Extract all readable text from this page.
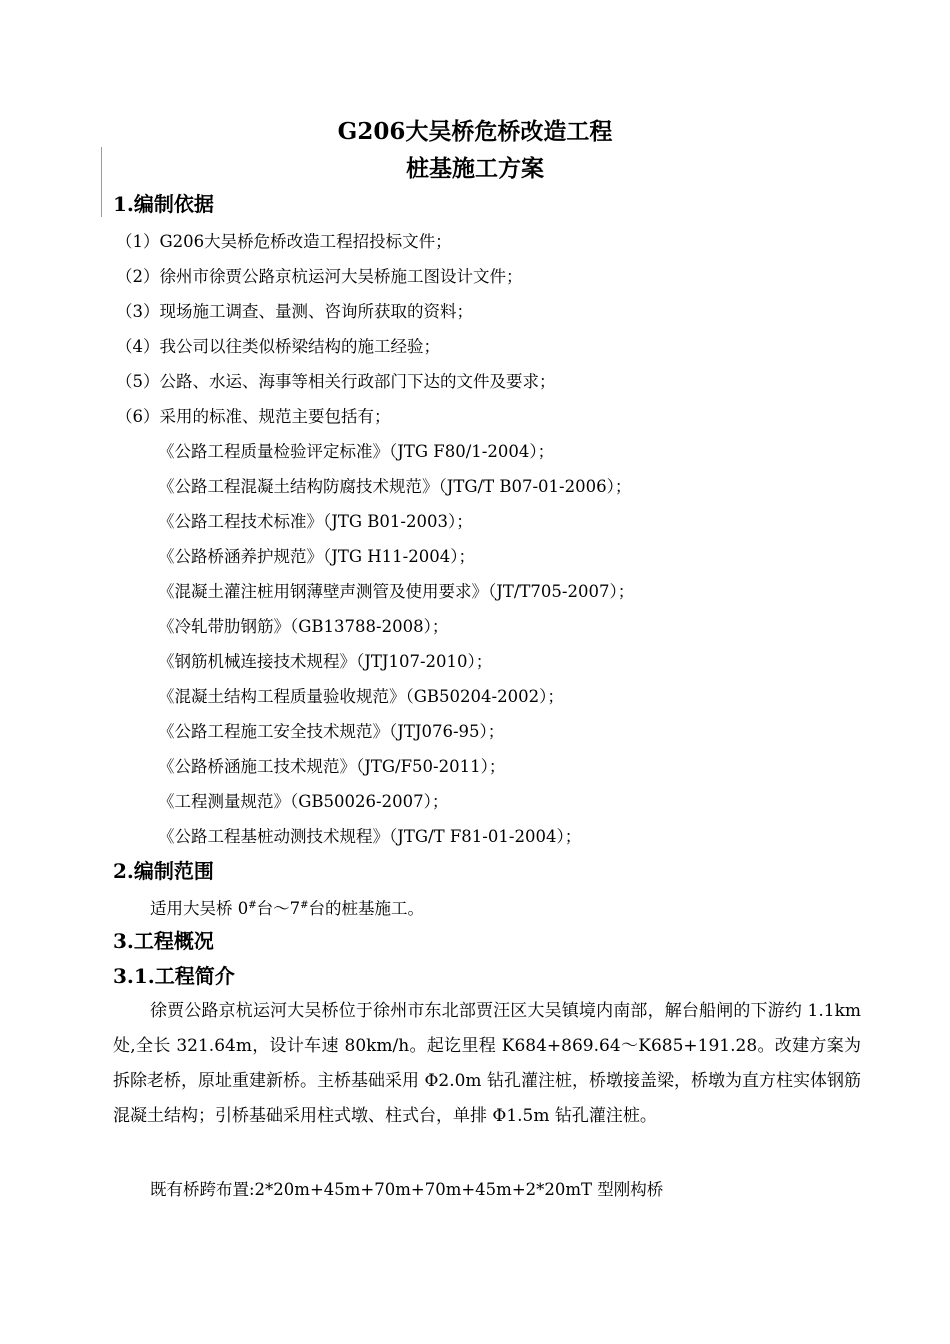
G206大吴桥危桥改造工程
桩基施工方案
1.编制依据
（1）G206大吴桥危桥改造工程招投标文件；
（2）徐州市徐贾公路京杭运河大吴桥施工图设计文件；
（3）现场施工调查、量测、咨询所获取的资料；
（4）我公司以往类似桥梁结构的施工经验；
（5）公路、水运、海事等相关行政部门下达的文件及要求；
（6）采用的标准、规范主要包括有；
《公路工程质量检验评定标准》（JTG F80/1-2004）；
《公路工程混凝土结构防腐技术规范》（JTG/T B07-01-2006）；
《公路工程技术标准》（JTG B01-2003）；
《公路桥涵养护规范》（JTG H11-2004）；
《混凝土灌注桩用钢薄壁声测管及使用要求》（JT/T705-2007）；
《冷轧带肋钢筋》（GB13788-2008）；
《钢筋机械连接技术规程》（JTJ107-2010）；
《混凝土结构工程质量验收规范》（GB50204-2002）；
《公路工程施工安全技术规范》（JTJ076-95）；
《公路桥涵施工技术规范》（JTG/F50-2011）；
《工程测量规范》（GB50026-2007）；
《公路工程基桩动测技术规程》（JTG/T F81-01-2004）；
2.编制范围
适用大吴桥 0#台～7#台的桩基施工。
3.工程概况
3.1.工程简介
徐贾公路京杭运河大吴桥位于徐州市东北部贾汪区大吴镇境内南部，解台船闸的下游约 1.1km 处,全长 321.64m，设计车速 80km/h。起讫里程 K684+869.64～K685+191.28。改建方案为拆除老桥，原址重建新桥。主桥基础采用 Φ2.0m 钻孔灌注桩，桥墩接盖梁，桥墩为直方柱实体钢筋混凝土结构；引桥基础采用柱式墩、柱式台，单排 Φ1.5m 钻孔灌注桩。
既有桥跨布置:2*20m+45m+70m+70m+45m+2*20mT 型刚构桥
